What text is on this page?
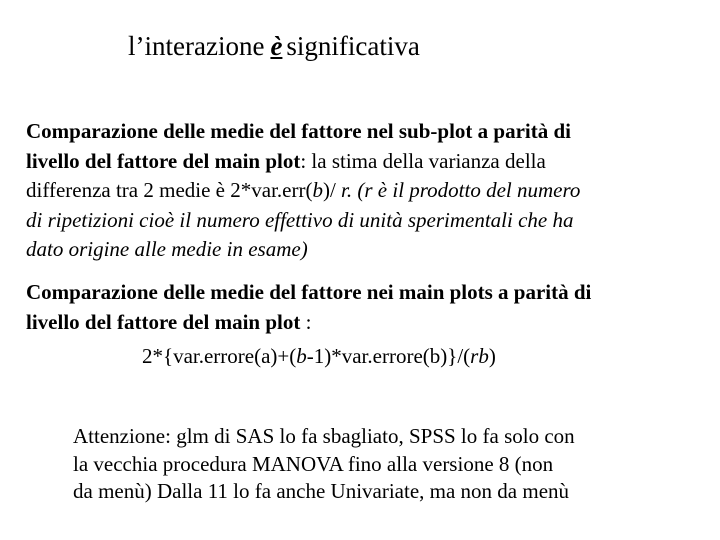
l’interazione è significativa
Comparazione delle medie del fattore nel sub-plot a parità di
livello del fattore del main plot: la stima della varianza della
differenza tra 2 medie è 2*var.err(b)/ r. (r è il prodotto del numero
di ripetizioni cioè il numero effettivo di unità sperimentali che ha
dato origine alle medie in esame)
Comparazione delle medie del fattore nei main plots a parità di
livello del fattore del main plot :
2*{var.errore(a)+(b-1)*var.errore(b)}/(rb)
Attenzione: glm di SAS lo fa sbagliato, SPSS lo fa solo con
la vecchia procedura MANOVA fino alla versione 8 (non
da menù) Dalla 11 lo fa anche Univariate, ma non da menù
